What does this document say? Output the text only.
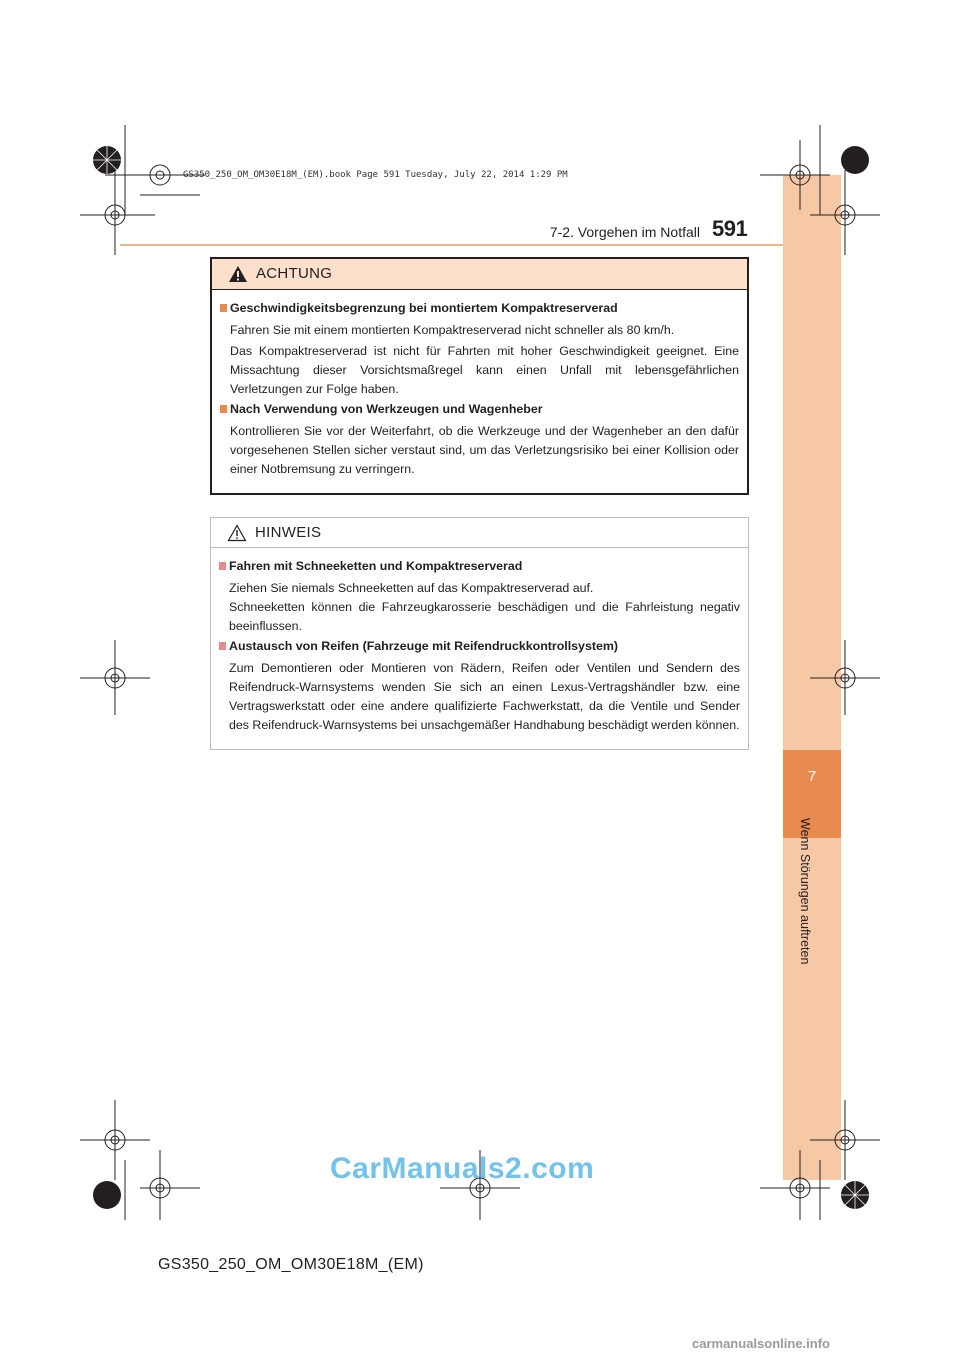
7
Wenn Störungen auftreten
GS350_250_OM_OM30E18M_(EM).book Page 591 Tuesday, July 22, 2014 1:29 PM
7-2. Vorgehen im Notfall 591
ACHTUNG
Geschwindigkeitsbegrenzung bei montiertem Kompaktreserverad
Fahren Sie mit einem montierten Kompaktreserverad nicht schneller als 80 km/h.
Das Kompaktreserverad ist nicht für Fahrten mit hoher Geschwindigkeit geeignet. Eine Missachtung dieser Vorsichtsmaßregel kann einen Unfall mit lebensgefährlichen Verletzungen zur Folge haben.
Nach Verwendung von Werkzeugen und Wagenheber
Kontrollieren Sie vor der Weiterfahrt, ob die Werkzeuge und der Wagenheber an den dafür vorgesehenen Stellen sicher verstaut sind, um das Verletzungsrisiko bei einer Kollision oder einer Notbremsung zu verringern.
HINWEIS
Fahren mit Schneeketten und Kompaktreserverad
Ziehen Sie niemals Schneeketten auf das Kompaktreserverad auf.
Schneeketten können die Fahrzeugkarosserie beschädigen und die Fahrleistung negativ beeinflussen.
Austausch von Reifen (Fahrzeuge mit Reifendruckkontrollsystem)
Zum Demontieren oder Montieren von Rädern, Reifen oder Ventilen und Sendern des Reifendruck-Warnsystems wenden Sie sich an einen Lexus-Vertragshändler bzw. eine Vertragswerkstatt oder eine andere qualifizierte Fachwerkstatt, da die Ventile und Sender des Reifendruck-Warnsystems bei unsachgemäßer Handhabung beschädigt werden können.
GS350_250_OM_OM30E18M_(EM)
CarManuals2.com
carmanualsonline.info
